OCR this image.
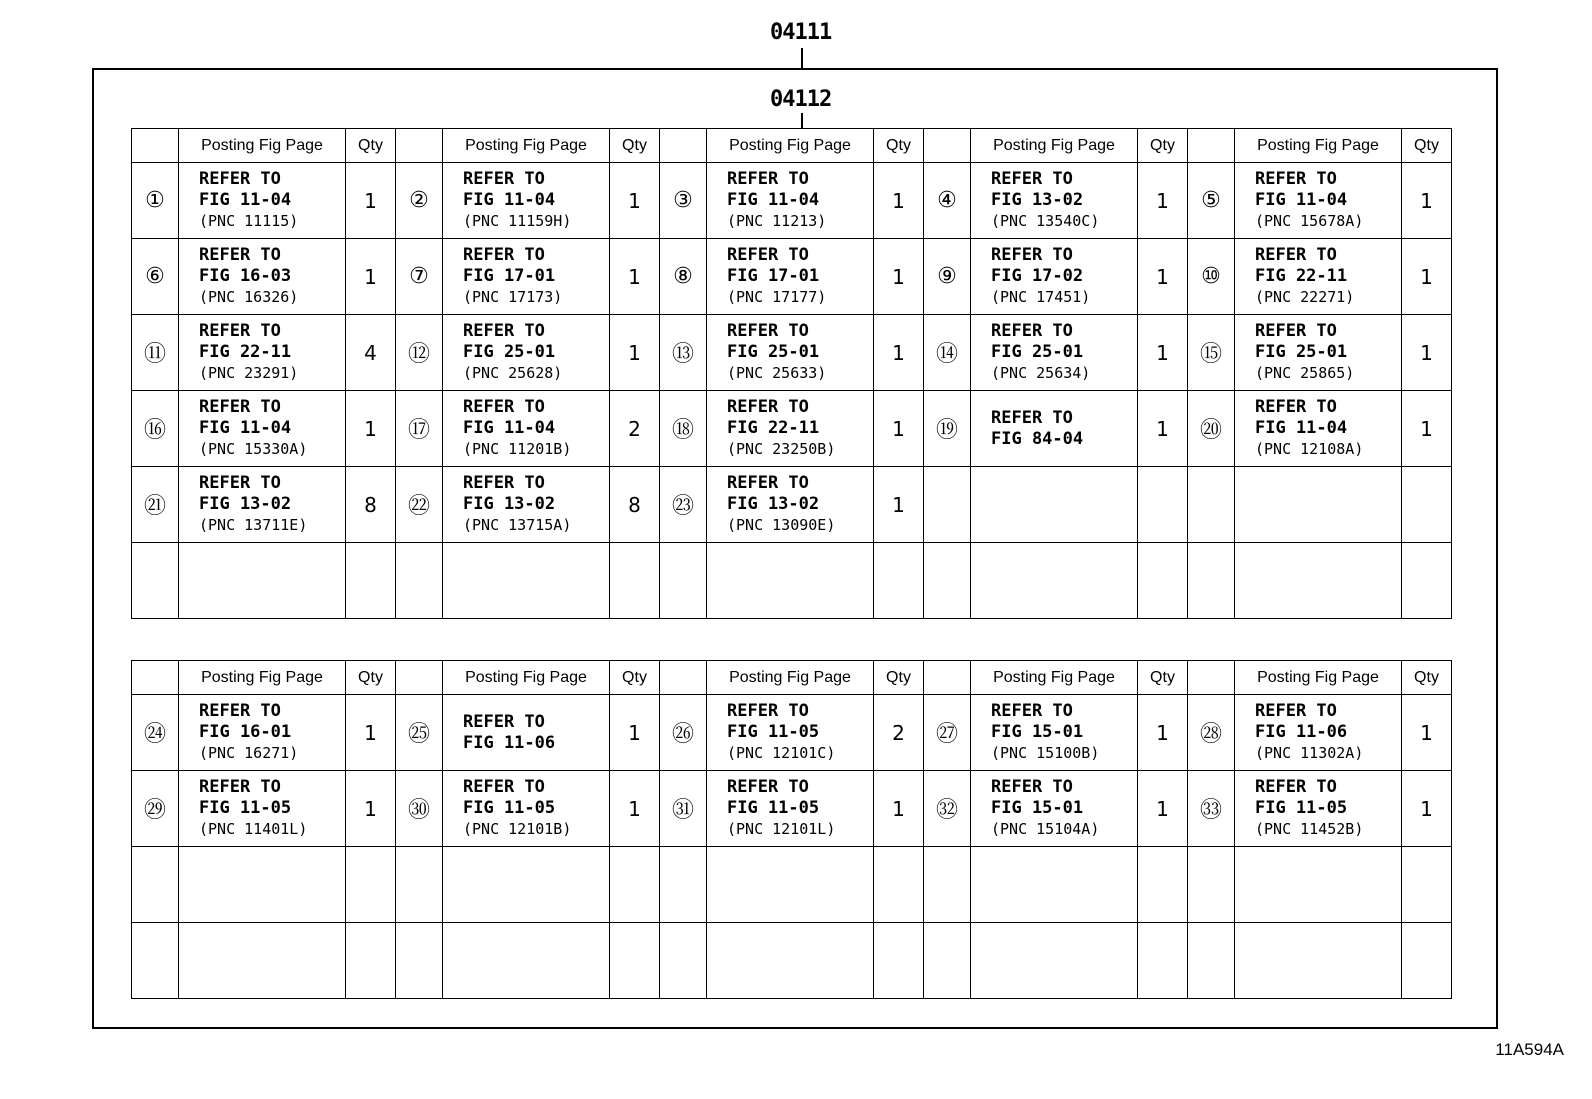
04111
04112
	Posting Fig Page	Qty		Posting Fig Page	Qty		Posting Fig Page	Qty		Posting Fig Page	Qty		Posting Fig Page	Qty
①	REFER TO
FIG 11-04
(PNC 11115)	1	②	REFER TO
FIG 11-04
(PNC 11159H)	1	③	REFER TO
FIG 11-04
(PNC 11213)	1	④	REFER TO
FIG 13-02
(PNC 13540C)	1	⑤	REFER TO
FIG 11-04
(PNC 15678A)	1
⑥	REFER TO
FIG 16-03
(PNC 16326)	1	⑦	REFER TO
FIG 17-01
(PNC 17173)	1	⑧	REFER TO
FIG 17-01
(PNC 17177)	1	⑨	REFER TO
FIG 17-02
(PNC 17451)	1	⑩	REFER TO
FIG 22-11
(PNC 22271)	1
⑪	REFER TO
FIG 22-11
(PNC 23291)	4	⑫	REFER TO
FIG 25-01
(PNC 25628)	1	⑬	REFER TO
FIG 25-01
(PNC 25633)	1	⑭	REFER TO
FIG 25-01
(PNC 25634)	1	⑮	REFER TO
FIG 25-01
(PNC 25865)	1
⑯	REFER TO
FIG 11-04
(PNC 15330A)	1	⑰	REFER TO
FIG 11-04
(PNC 11201B)	2	⑱	REFER TO
FIG 22-11
(PNC 23250B)	1	⑲	REFER TO
FIG 84-04	1	⑳	REFER TO
FIG 11-04
(PNC 12108A)	1
㉑	REFER TO
FIG 13-02
(PNC 13711E)	8	㉒	REFER TO
FIG 13-02
(PNC 13715A)	8	㉓	REFER TO
FIG 13-02
(PNC 13090E)	1		

	Posting Fig Page	Qty		Posting Fig Page	Qty		Posting Fig Page	Qty		Posting Fig Page	Qty		Posting Fig Page	Qty
㉔	REFER TO
FIG 16-01
(PNC 16271)	1	㉕	REFER TO
FIG 11-06	1	㉖	REFER TO
FIG 11-05
(PNC 12101C)	2	㉗	REFER TO
FIG 15-01
(PNC 15100B)	1	㉘	REFER TO
FIG 11-06
(PNC 11302A)	1
㉙	REFER TO
FIG 11-05
(PNC 11401L)	1	㉚	REFER TO
FIG 11-05
(PNC 12101B)	1	㉛	REFER TO
FIG 11-05
(PNC 12101L)	1	㉜	REFER TO
FIG 15-01
(PNC 15104A)	1	㉝	REFER TO
FIG 11-05
(PNC 11452B)	1

11A594A
